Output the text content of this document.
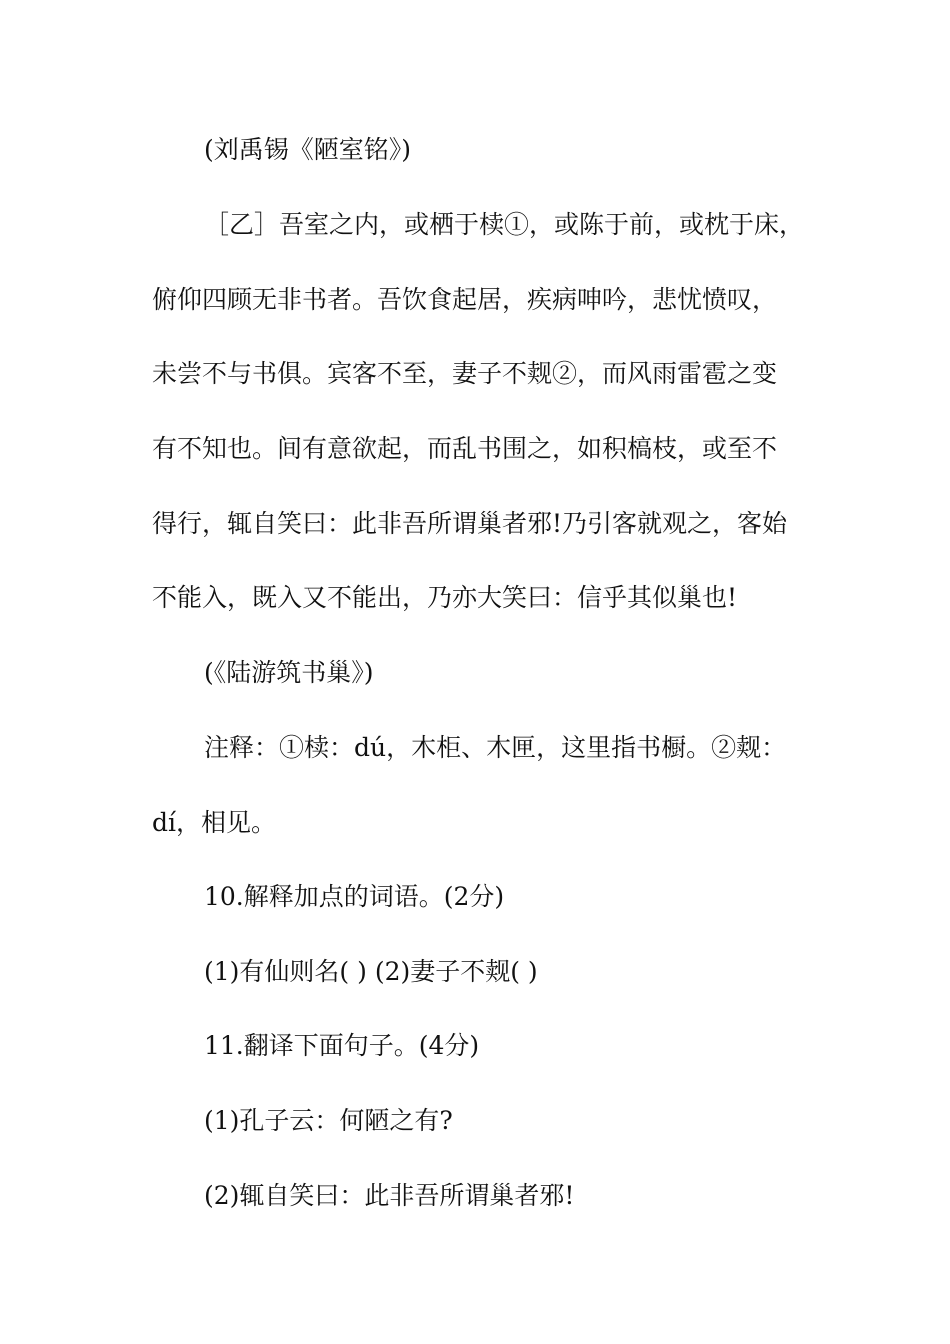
(刘禹锡《陋室铭》)
［乙］吾室之内，或栖于椟①，或陈于前，或枕于床，
俯仰四顾无非书者。吾饮食起居，疾病呻吟，悲忧愤叹，
未尝不与书俱。宾客不至，妻子不觌②，而风雨雷雹之变
有不知也。间有意欲起，而乱书围之，如积槁枝，或至不
得行，辄自笑曰：此非吾所谓巢者邪!乃引客就观之，客始
不能入，既入又不能出，乃亦大笑曰：信乎其似巢也!
(《陆游筑书巢》)
注释：①椟：dú，木柜、木匣，这里指书橱。②觌：
dí，相见。
10.解释加点的词语。(2分)
(1)有仙则名( ) (2)妻子不觌( )
11.翻译下面句子。(4分)
(1)孔子云：何陋之有?
(2)辄自笑曰：此非吾所谓巢者邪!
